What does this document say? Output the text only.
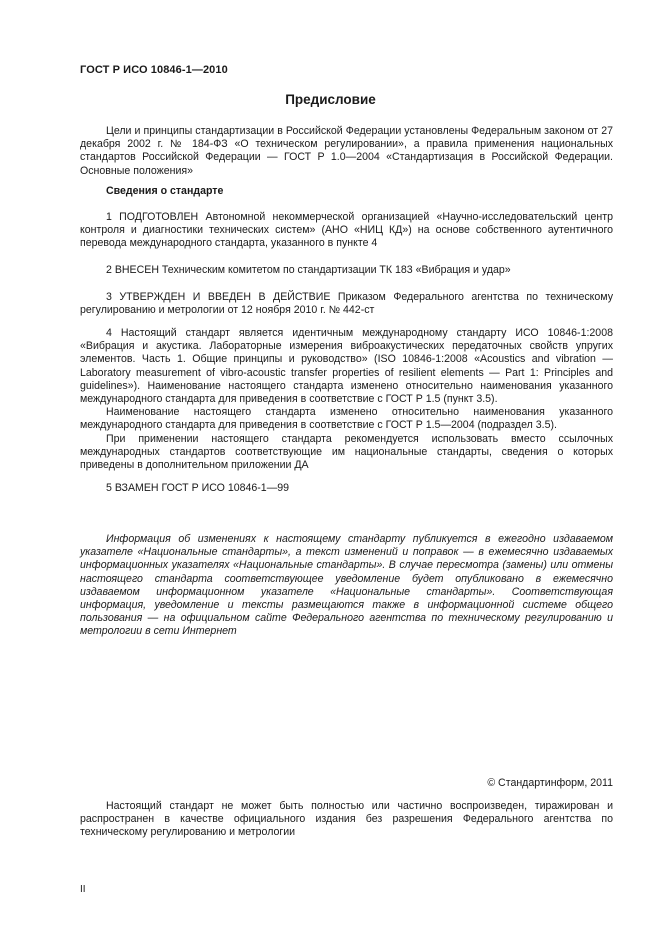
ГОСТ Р ИСО 10846-1—2010
Предисловие

Цели и принципы стандартизации в Российской Федерации установлены Федеральным законом от 27 декабря 2002 г. № 184-ФЗ «О техническом регулировании», а правила применения национальных стандартов Российской Федерации — ГОСТ Р 1.0—2004 «Стандартизация в Российской Федерации. Основные положения»

Сведения о стандарте

1 ПОДГОТОВЛЕН Автономной некоммерческой организацией «Научно-исследовательский центр контроля и диагностики технических систем» (АНО «НИЦ КД») на основе собственного аутентичного перевода международного стандарта, указанного в пункте 4

2 ВНЕСЕН Техническим комитетом по стандартизации ТК 183 «Вибрация и удар»

3 УТВЕРЖДЕН И ВВЕДЕН В ДЕЙСТВИЕ Приказом Федерального агентства по техническому регулированию и метрологии от 12 ноября 2010 г. № 442-ст

4 Настоящий стандарт является идентичным международному стандарту ИСО 10846-1:2008 «Вибрация и акустика. Лабораторные измерения виброакустических передаточных свойств упругих элементов. Часть 1. Общие принципы и руководство» (ISO 10846-1:2008 «Acoustics and vibration — Laboratory measurement of vibro-acoustic transfer properties of resilient elements — Part 1: Principles and guidelines»). Наименование настоящего стандарта изменено относительно наименования указанного международного стандарта для приведения в соответствие с ГОСТ Р 1.5 (пункт 3.5).

Наименование настоящего стандарта изменено относительно наименования указанного международного стандарта для приведения в соответствие с ГОСТ Р 1.5—2004 (подраздел 3.5).

При применении настоящего стандарта рекомендуется использовать вместо ссылочных международных стандартов соответствующие им национальные стандарты, сведения о которых приведены в дополнительном приложении ДА

5 ВЗАМЕН ГОСТ Р ИСО 10846-1—99

Информация об изменениях к настоящему стандарту публикуется в ежегодно издаваемом указателе «Национальные стандарты», а текст изменений и поправок — в ежемесячно издаваемых информационных указателях «Национальные стандарты». В случае пересмотра (замены) или отмены настоящего стандарта соответствующее уведомление будет опубликовано в ежемесячно издаваемом информационном указателе «Национальные стандарты». Соответствующая информация, уведомление и тексты размещаются также в информационной системе общего пользования — на официальном сайте Федерального агентства по техническому регулированию и метрологии в сети Интернет

© Стандартинформ, 2011

Настоящий стандарт не может быть полностью или частично воспроизведен, тиражирован и распространен в качестве официального издания без разрешения Федерального агентства по техническому регулированию и метрологии

II
